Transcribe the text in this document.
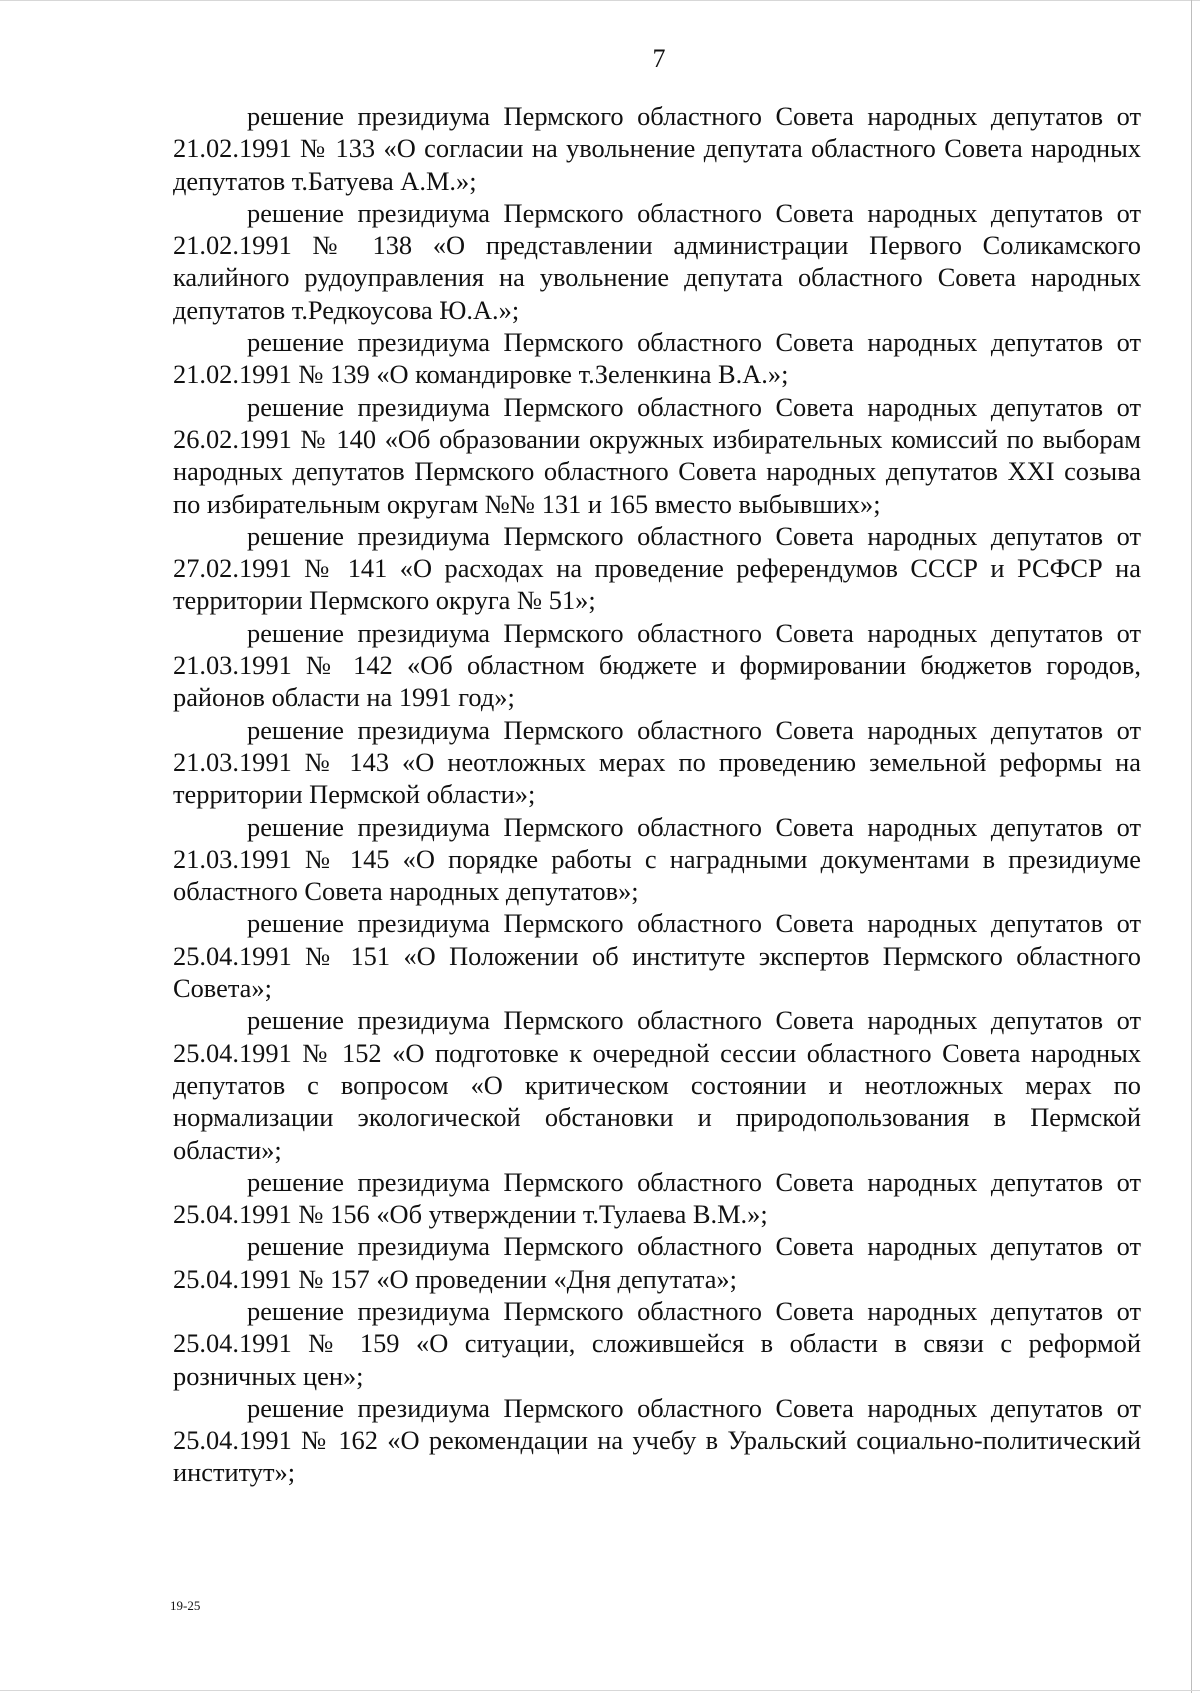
7

решение президиума Пермского областного Совета народных депутатов от 21.02.1991 № 133 «О согласии на увольнение депутата областного Совета народных депутатов т.Батуева А.М.»;

решение президиума Пермского областного Совета народных депутатов от 21.02.1991 № 138 «О представлении администрации Первого Соликамского калийного рудоуправления на увольнение депутата областного Совета народных депутатов т.Редкоусова Ю.А.»;

решение президиума Пермского областного Совета народных депутатов от 21.02.1991 № 139 «О командировке т.Зеленкина В.А.»;

решение президиума Пермского областного Совета народных депутатов от 26.02.1991 № 140 «Об образовании окружных избирательных комиссий по выборам народных депутатов Пермского областного Совета народных депутатов XXI созыва по избирательным округам №№ 131 и 165 вместо выбывших»;

решение президиума Пермского областного Совета народных депутатов от 27.02.1991 № 141 «О расходах на проведение референдумов СССР и РСФСР на территории Пермского округа № 51»;

решение президиума Пермского областного Совета народных депутатов от 21.03.1991 № 142 «Об областном бюджете и формировании бюджетов городов, районов области на 1991 год»;

решение президиума Пермского областного Совета народных депутатов от 21.03.1991 № 143 «О неотложных мерах по проведению земельной реформы на территории Пермской области»;

решение президиума Пермского областного Совета народных депутатов от 21.03.1991 № 145 «О порядке работы с наградными документами в президиуме областного Совета народных депутатов»;

решение президиума Пермского областного Совета народных депутатов от 25.04.1991 № 151 «О Положении об институте экспертов Пермского областного Совета»;

решение президиума Пермского областного Совета народных депутатов от 25.04.1991 № 152 «О подготовке к очередной сессии областного Совета народных депутатов с вопросом «О критическом состоянии и неотложных мерах по нормализации экологической обстановки и природопользования в Пермской области»;

решение президиума Пермского областного Совета народных депутатов от 25.04.1991 № 156 «Об утверждении т.Тулаева В.М.»;

решение президиума Пермского областного Совета народных депутатов от 25.04.1991 № 157 «О проведении «Дня депутата»;

решение президиума Пермского областного Совета народных депутатов от 25.04.1991 № 159 «О ситуации, сложившейся в области в связи с реформой розничных цен»;

решение президиума Пермского областного Совета народных депутатов от 25.04.1991 № 162 «О рекомендации на учебу в Уральский социально-политический институт»;

19-25
